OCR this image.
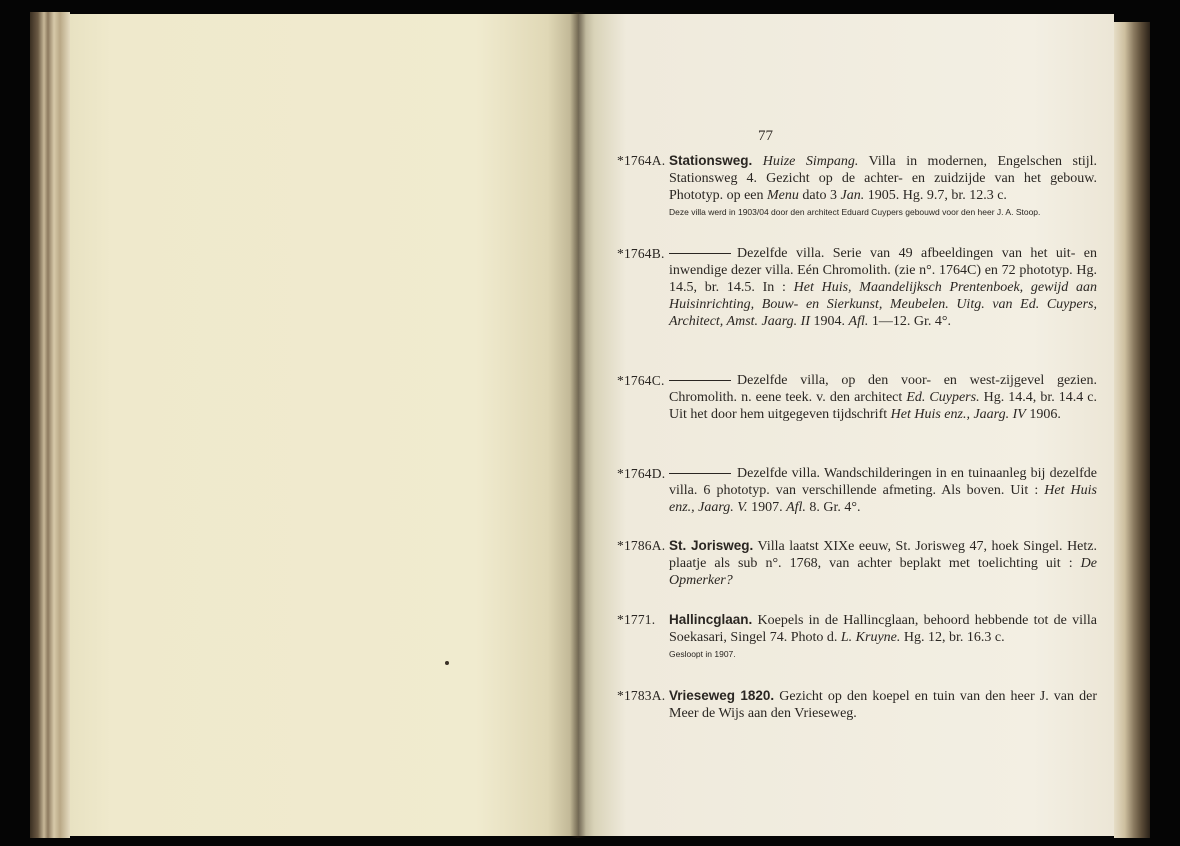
77
*1764A. Stationsweg. Huize Simpang. Villa in modernen, Engelschen stijl. Stationsweg 4. Gezicht op de achter- en zuidzijde van het gebouw. Phototyp. op een Menu dato 3 Jan. 1905. Hg. 9.7, br. 12.3 c.
Deze villa werd in 1903/04 door den architect Eduard Cuypers gebouwd voor den heer J. A. Stoop.
*1764B.	Dezelfde villa. Serie van 49 afbeeldingen van het uit- en inwendige dezer villa. Eén Chromolith. (zie n°. 1764C) en 72 phototyp. Hg. 14.5, br. 14.5. In : Het Huis, Maandelijksch Prentenboek, gewijd aan Huisinrichting, Bouw- en Sierkunst, Meubelen. Uitg. van Ed. Cuypers, Architect, Amst. Jaarg. II 1904. Afl. 1—12. Gr. 4°.
*1764C.	Dezelfde villa, op den voor- en west-zijgevel gezien. Chromolith. n. eene teek. v. den architect Ed. Cuypers. Hg. 14.4, br. 14.4 c. Uit het door hem uitgegeven tijdschrift Het Huis enz., Jaarg. IV 1906.
*1764D.	Dezelfde villa. Wandschilderingen in en tuinaanleg bij dezelfde villa. 6 phototyp. van verschillende afmeting. Als boven. Uit : Het Huis enz., Jaarg. V. 1907. Afl. 8. Gr. 4°.
*1786A. St. Jorisweg. Villa laatst XIXe eeuw, St. Jorisweg 47, hoek Singel. Hetz. plaatje als sub n°. 1768, van achter beplakt met toelichting uit : De Opmerker?
*1771. Hallincglaan. Koepels in de Hallincglaan, behoord hebbende tot de villa Soekasari, Singel 74. Photo d. L. Kruyne. Hg. 12, br. 16.3 c.
Gesloopt in 1907.
*1783A. Vrieseweg 1820. Gezicht op den koepel en tuin van den heer J. van der Meer de Wijs aan den Vrieseweg.
